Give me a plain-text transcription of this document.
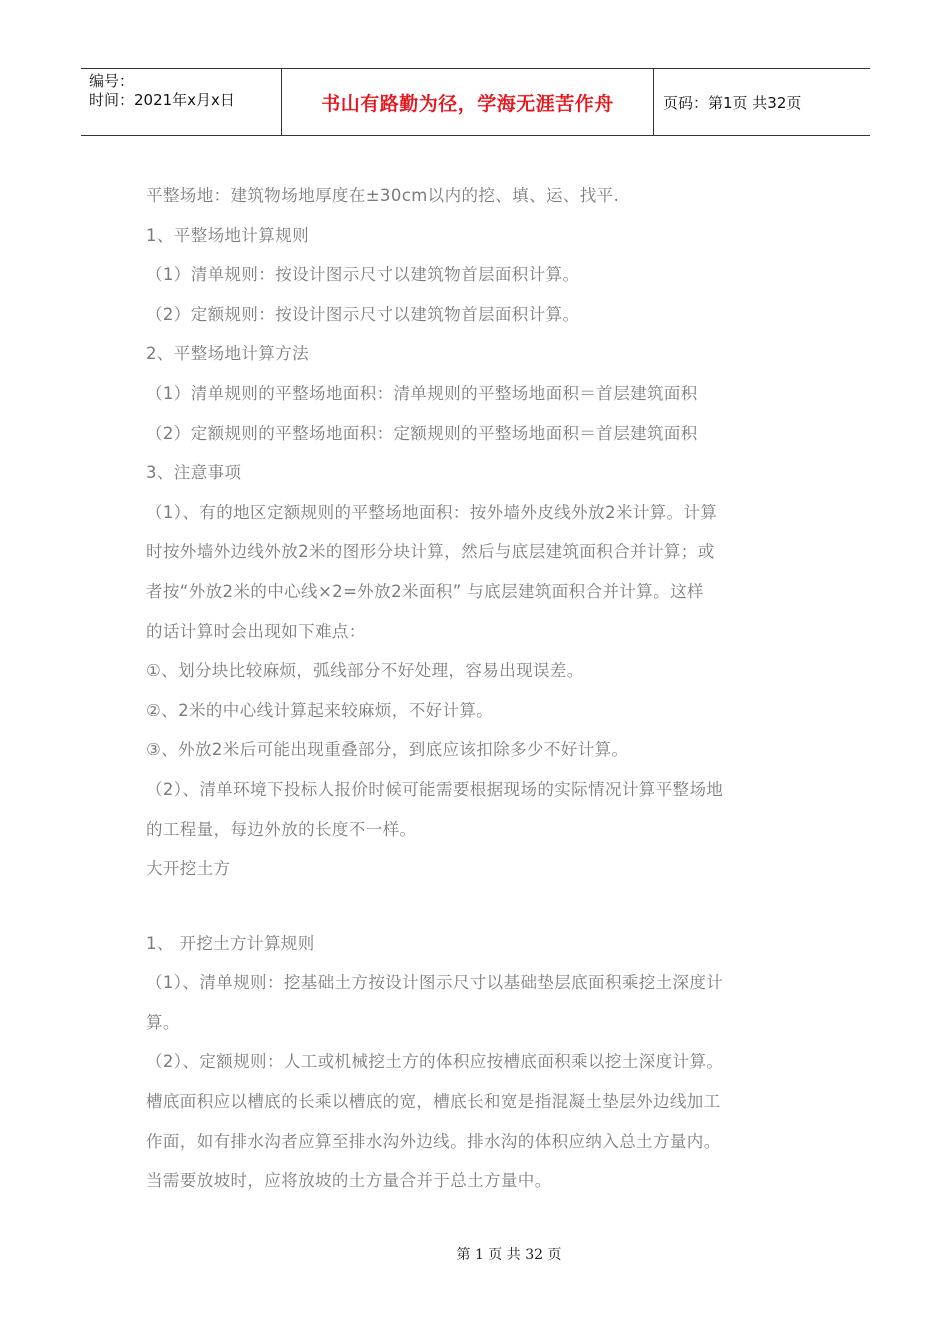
编号：
时间：2021年x月x日	书山有路勤为径，学海无涯苦作舟	页码：第1页 共32页
平整场地：建筑物场地厚度在±30cm以内的挖、填、运、找平.
1、平整场地计算规则
（1）清单规则：按设计图示尺寸以建筑物首层面积计算。
（2）定额规则：按设计图示尺寸以建筑物首层面积计算。
2、平整场地计算方法
（1）清单规则的平整场地面积：清单规则的平整场地面积＝首层建筑面积
（2）定额规则的平整场地面积：定额规则的平整场地面积＝首层建筑面积
3、注意事项
（1）、有的地区定额规则的平整场地面积：按外墙外皮线外放2米计算。计算
时按外墙外边线外放2米的图形分块计算，然后与底层建筑面积合并计算；或
者按“外放2米的中心线×2=外放2米面积” 与底层建筑面积合并计算。这样
的话计算时会出现如下难点：
①、划分块比较麻烦，弧线部分不好处理，容易出现误差。
②、2米的中心线计算起来较麻烦，不好计算。
③、外放2米后可能出现重叠部分，到底应该扣除多少不好计算。
（2）、清单环境下投标人报价时候可能需要根据现场的实际情况计算平整场地
的工程量，每边外放的长度不一样。
大开挖土方
1、 开挖土方计算规则
（1）、清单规则：挖基础土方按设计图示尺寸以基础垫层底面积乘挖土深度计
算。
（2）、定额规则：人工或机械挖土方的体积应按槽底面积乘以挖土深度计算。
槽底面积应以槽底的长乘以槽底的宽，槽底长和宽是指混凝土垫层外边线加工
作面，如有排水沟者应算至排水沟外边线。排水沟的体积应纳入总土方量内。
当需要放坡时，应将放坡的土方量合并于总土方量中。
第 1 页 共 32 页
